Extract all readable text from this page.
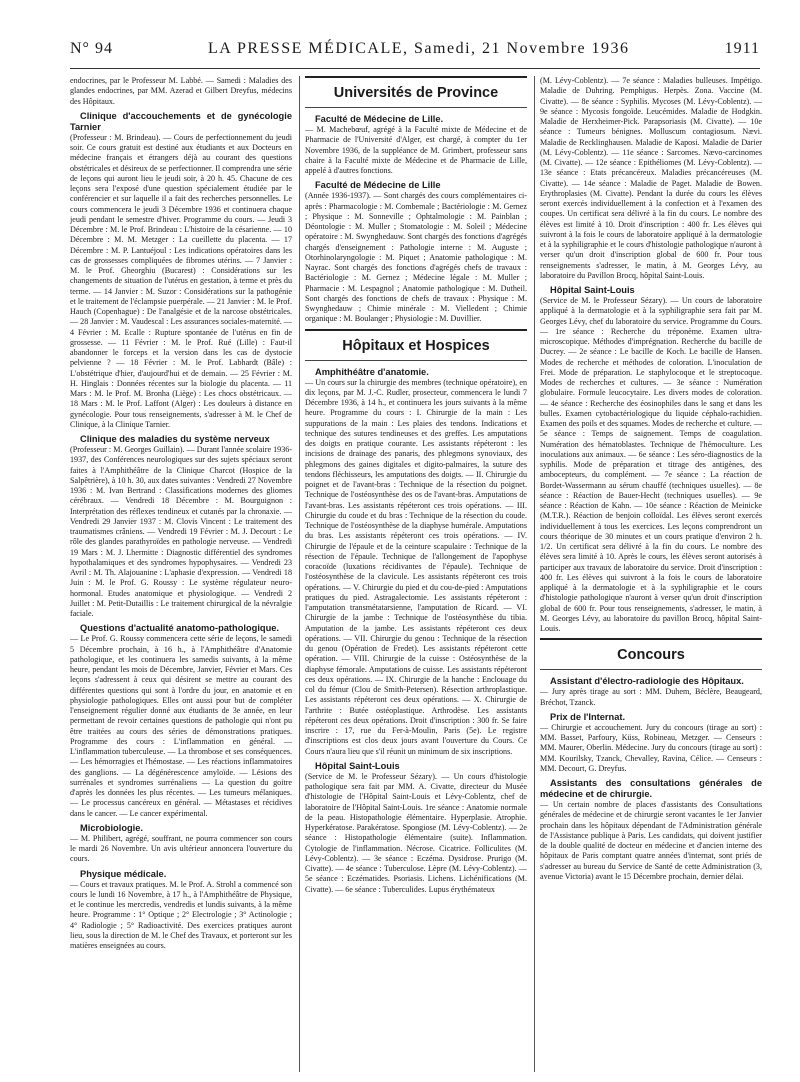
N° 94	LA PRESSE MÉDICALE, Samedi, 21 Novembre 1936	1911

endocrines, par le Professeur M. Labbé. — Samedi : Maladies des glandes endocrines, par MM. Azerad et Gilbert Dreyfus, médecins des Hôpitaux.

Clinique d'accouchements et de gynécologie Tarnier

(Professeur : M. Brindeau). — Cours de perfectionnement du jeudi soir. Ce cours gratuit est destiné aux étudiants et aux Docteurs en médecine français et étrangers déjà au courant des questions obstétricales et désireux de se perfectionner. Il comprendra une série de leçons qui auront lieu le jeudi soir, à 20 h. 45. Chacune de ces leçons sera l'exposé d'une question spécialement étudiée par le conférencier et sur laquelle il a fait des recherches personnelles. Le cours commencera le jeudi 3 Décembre 1936 et continuera chaque jeudi pendant le semestre d'hiver. Programme du cours. — Jeudi 3 Décembre : M. le Prof. Brindeau : L'histoire de la césarienne. — 10 Décembre : M. M. Metzger : La cueillette du placenta. — 17 Décembre : M. P. Lantuéjoul : Les indications opératoires dans les cas de grossesses compliquées de fibromes utérins. — 7 Janvier : M. le Prof. Gheorghiu (Bucarest) : Considérations sur les changements de situation de l'utérus en gestation, à terme et près du terme. — 14 Janvier : M. Suzor : Considérations sur la pathogénie et le traitement de l'éclampsie puerpérale. — 21 Janvier : M. le Prof. Hauch (Copenhague) : De l'analgésie et de la narcose obstétricales. — 28 Janvier : M. Vaudescal : Les assurances sociales-maternité. — 4 Février : M. Ecalle : Rupture spontanée de l'utérus en fin de grossesse. — 11 Février : M. le Prof. Rué (Lille) : Faut-il abandonner le forceps et la version dans les cas de dystocie pelvienne ? — 18 Février : M. le Prof. Labhardt (Bâle) : L'obstétrique d'hier, d'aujourd'hui et de demain. — 25 Février : M. H. Hinglais : Données récentes sur la biologie du placenta. — 11 Mars : M. le Prof. M. Bronha (Liège) : Les chocs obstétricaux. — 18 Mars : M. le Prof. Laffont (Alger) : Les douleurs à distance en gynécologie. Pour tous renseignements, s'adresser à M. le Chef de Clinique, à la Clinique Tarnier.

Clinique des maladies du système nerveux

(Professeur : M. Georges Guillain). — Durant l'année scolaire 1936-1937, des Conférences neurologiques sur des sujets spéciaux seront faites à l'Amphithéâtre de la Clinique Charcot (Hospice de la Salpêtrière), à 10 h. 30, aux dates suivantes : Vendredi 27 Novembre 1936 : M. Ivan Bertrand : Classifications modernes des gliomes cérébraux. — Vendredi 18 Décembre : M. Bourguignon : Interprétation des réflexes tendineux et cutanés par la chronaxie. — Vendredi 29 Janvier 1937 : M. Clovis Vincent : Le traitement des traumatismes crâniens. — Vendredi 19 Février : M. J. Decourt : Le rôle des glandes parathyroïdes en pathologie nerveuse. — Vendredi 19 Mars : M. J. Lhermitte : Diagnostic différentiel des syndromes hypothalamiques et des syndromes hypophysaires. — Vendredi 23 Avril : M. Th. Alajouanine : L'aphasie d'expression. — Vendredi 18 Juin : M. le Prof. G. Roussy : Le système régulateur neuro-hormonal. Etudes anatomique et physiologique. — Vendredi 2 Juillet : M. Petit-Dutaillis : Le traitement chirurgical de la névralgie faciale.

Questions d'actualité anatomo-pathologique.

— Le Prof. G. Roussy commencera cette série de leçons, le samedi 5 Décembre prochain, à 16 h., à l'Amphithéâtre d'Anatomie pathologique, et les continuera les samedis suivants, à la même heure, pendant les mois de Décembre, Janvier, Février et Mars. Ces leçons s'adressent à ceux qui désirent se mettre au courant des différentes questions qui sont à l'ordre du jour, en anatomie et en physiologie pathologiques. Elles ont aussi pour but de compléter l'enseignement régulier donné aux étudiants de 3e année, en leur permettant de revoir certaines questions de pathologie qui n'ont pu être traitées au cours des séries de démonstrations pratiques. Programme des cours : L'inflammation en général. — L'inflammation tuberculeuse. — La thrombose et ses conséquences. — Les hémorragies et l'hémostase. — Les réactions inflammatoires des ganglions. — La dégénérescence amyloïde. — Lésions des surrénales et syndromes surrénaliens — La question du goitre d'après les données les plus récentes. — Les tumeurs mélaniques. — Le processus cancéreux en général. — Métastases et récidives dans le cancer. — Le cancer expérimental.

Microbiologie.

— M. Philibert, agrégé, souffrant, ne pourra commencer son cours le mardi 26 Novembre. Un avis ultérieur annoncera l'ouverture du cours.

Physique médicale.

— Cours et travaux pratiques. M. le Prof. A. Strohl a commencé son cours le lundi 16 Novembre, à 17 h., à l'Amphithéâtre de Physique, et le continue les mercredis, vendredis et lundis suivants, à la même heure. Programme : 1° Optique ; 2° Electrologie ; 3° Actinologie ; 4° Radiologie ; 5° Radioactivité. Des exercices pratiques auront lieu, sous la direction de M. le Chef des Travaux, et porteront sur les matières enseignées au cours.

Universités de Province
Faculté de Médecine de Lille.

— M. Machebœuf, agrégé à la Faculté mixte de Médecine et de Pharmacie de l'Université d'Alger, est chargé, à compter du 1er Novembre 1936, de la suppléance de M. Grimbert, professeur sans chaire à la Faculté mixte de Médecine et de Pharmacie de Lille, appelé à d'autres fonctions.

Faculté de Médecine de Lille

(Année 1936-1937). — Sont chargés des cours complémentaires ci-après : Pharmacologie : M. Combemale ; Bactériologie : M. Gernez ; Physique : M. Sonneville ; Ophtalmologie : M. Painblan ; Déontologie : M. Muller ; Stomatologie : M. Soleil ; Médecine opératoire : M. Swynghedauw. Sont chargés des fonctions d'agrégés chargés d'enseignement : Pathologie interne : M. Auguste ; Otorhinolaryngologie : M. Piquet ; Anatomie pathologique : M. Nayrac. Sont chargés des fonctions d'agrégés chefs de travaux : Bactériologie : M. Gernez ; Médecine légale : M. Muller ; Pharmacie : M. Lespagnol ; Anatomie pathologique : M. Dutheil. Sont chargés des fonctions de chefs de travaux : Physique : M. Swynghedauw ; Chimie minérale : M. Vielledent ; Chimie organique : M. Boulanger ; Physiologie : M. Duvillier.

Hôpitaux et Hospices
Amphithéâtre d'anatomie.

— Un cours sur la chirurgie des membres (technique opératoire), en dix leçons, par M. J.-C. Rudler, prosecteur, commencera le lundi 7 Décembre 1936, à 14 h., et continuera les jours suivants à la même heure. Programme du cours : I. Chirurgie de la main : Les suppurations de la main : Les plaies des tendons. Indications et technique des sutures tendineuses et des greffes. Les amputations des doigts en pratique courante. Les assistants répéteront : les incisions de drainage des panaris, des phlegmons synoviaux, des phlegmons des gaines digitales et digito-palmaires, la suture des tendons fléchisseurs, les amputations des doigts. — II. Chirurgie du poignet et de l'avant-bras : Technique de la résection du poignet. Technique de l'ostéosynthèse des os de l'avant-bras. Amputations de l'avant-bras. Les assistants répéteront ces trois opérations. — III. Chirurgie du coude et du bras : Technique de la résection du coude. Technique de l'ostéosynthèse de la diaphyse humérale. Amputations du bras. Les assistants répéteront ces trois opérations. — IV. Chirurgie de l'épaule et de la ceinture scapulaire : Technique de la résection de l'épaule. Technique de l'allongement de l'apophyse coracoïde (luxations récidivantes de l'épaule). Technique de l'ostéosynthèse de la clavicule. Les assistants répéteront ces trois opérations. — V. Chirurgie du pied et du cou-de-pied : Amputations pratiques du pied. Astragalectomie. Les assistants répéteront : l'amputation transmétatarsienne, l'amputation de Ricard. — VI. Chirurgie de la jambe : Technique de l'ostéosynthèse du tibia. Amputation de la jambe. Les assistants répéteront ces deux opérations. — VII. Chirurgie du genou : Technique de la résection du genou (Opération de Fredet). Les assistants répéteront cette opération. — VIII. Chirurgie de la cuisse : Ostéosynthèse de la diaphyse fémorale. Amputations de cuisse. Les assistants répéteront ces deux opérations. — IX. Chirurgie de la hanche : Enclouage du col du fémur (Clou de Smith-Petersen). Résection arthroplastique. Les assistants répéteront ces deux opérations. — X. Chirurgie de l'arthrite : Butée ostéoplastique. Arthrodèse. Les assistants répéteront ces deux opérations. Droit d'inscription : 300 fr. Se faire inscrire : 17, rue du Fer-à-Moulin, Paris (5e). Le registre d'inscriptions est clos deux jours avant l'ouverture du Cours. Ce Cours n'aura lieu que s'il réunit un minimum de six inscriptions.

Hôpital Saint-Louis

(Service de M. le Professeur Sézary). — Un cours d'histologie pathologique sera fait par MM. A. Civatte, directeur du Musée d'histologie de l'Hôpital Saint-Louis et Lévy-Coblentz, chef de laboratoire de l'Hôpital Saint-Louis. 1re séance : Anatomie normale de la peau. Histopathologie élémentaire. Hyperplasie. Atrophie. Hyperkératose. Parakératose. Spongiose (M. Lévy-Coblentz). — 2e séance : Histopathologie élémentaire (suite). Inflammation. Cytologie de l'inflammation. Nécrose. Cicatrice. Folliculites (M. Lévy-Coblentz). — 3e séance : Eczéma. Dysidrose. Prurigo (M. Civatte). — 4e séance : Tuberculose. Lèpre (M. Lévy-Coblentz). — 5e séance : Eczématides. Psoriasis. Lichens. Lichénifications (M. Civatte). — 6e séance : Tuberculides. Lupus érythémateux

(M. Lévy-Coblentz). — 7e séance : Maladies bulleuses. Impétigo. Maladie de Duhring. Pemphigus. Herpès. Zona. Vaccine (M. Civatte). — 8e séance : Syphilis. Mycoses (M. Lévy-Coblentz). — 9e séance : Mycosis fongoïde. Leucémides. Maladie de Hodgkin. Maladie de Herxheimer-Pick. Parapsoriasis (M. Civatte). — 10e séance : Tumeurs bénignes. Molluscum contagiosum. Nævi. Maladie de Recklinghausen. Maladie de Kaposi. Maladie de Darier (M. Lévy-Coblentz). — 11e séance : Sarcomes. Nævo-carcinomes (M. Civatte). — 12e séance : Epithéliomes (M. Lévy-Coblentz). — 13e séance : Etats précancéreux. Maladies précancéreuses (M. Civatte). — 14e séance : Maladie de Paget. Maladie de Bowen. Erythroplasies (M. Civatte). Pendant la durée du cours les élèves seront exercés individuellement à la confection et à l'examen des coupes. Un certificat sera délivré à la fin du cours. Le nombre des élèves est limité à 10. Droit d'inscription : 400 fr. Les élèves qui suivront à la fois le cours de laboratoire appliqué à la dermatologie et à la syphiligraphie et le cours d'histologie pathologique n'auront à verser qu'un droit d'inscription global de 600 fr. Pour tous renseignements s'adresser, le matin, à M. Georges Lévy, au laboratoire du Pavillon Brocq, hôpital Saint-Louis.

Hôpital Saint-Louis

(Service de M. le Professeur Sézary). — Un cours de laboratoire appliqué à la dermatologie et à la syphiligraphie sera fait par M. Georges Lévy, chef du laboratoire du service. Programme du Cours. — 1re séance : Recherche du tréponème. Examen ultra-microscopique. Méthodes d'imprégnation. Recherche du bacille de Ducrey. — 2e séance : Le bacille de Koch. Le bacille de Hansen. Modes de recherche et méthodes de coloration. L'inoculation de Frei. Mode de préparation. Le staphylocoque et le streptocoque. Modes de recherches et cultures. — 3e séance : Numération globulaire. Formule leucocytaire. Les divers modes de coloration. — 4e séance : Recherche des éosinophiles dans le sang et dans les bulles. Examen cytobactériologique du liquide céphalo-rachidien. Examen des poils et des squames. Modes de recherche et culture. — 5e séance : Temps de saignement. Temps de coagulation. Numération des hématoblastes. Technique de l'hémoculture. Les inoculations aux animaux. — 6e séance : Les séro-diagnostics de la syphilis. Mode de préparation et titrage des antigènes, des ambocepteurs, du complément. — 7e séance : La réaction de Bordet-Wassermann au sérum chauffé (techniques usuelles). — 8e séance : Réaction de Bauer-Hecht (techniques usuelles). — 9e séance : Réaction de Kahn. — 10e séance : Réaction de Meinicke (M.T.R.). Réaction de benjoin colloïdal. Les élèves seront exercés individuellement à tous les exercices. Les leçons comprendront un cours théorique de 30 minutes et un cours pratique d'environ 2 h. 1/2. Un certificat sera délivré à la fin du cours. Le nombre des élèves sera limité à 10. Après le cours, les élèves seront autorisés à participer aux travaux de laboratoire du service. Droit d'inscription : 400 fr. Les élèves qui suivront à la fois le cours de laboratoire appliqué à la dermatologie et à la syphiligraphie et le cours d'histologie pathologique n'auront à verser qu'un droit d'inscription global de 600 fr. Pour tous renseignements, s'adresser, le matin, à M. Georges Lévy, au laboratoire du pavillon Brocq, hôpital Saint-Louis.

Concours
Assistant d'électro-radiologie des Hôpitaux.

— Jury après tirage au sort : MM. Duhem, Béclère, Beaugeard, Bréchot, Tzanck.

Prix de l'Internat.

— Chirurgie et accouchement. Jury du concours (tirage au sort) : MM. Basset, Parfoury, Küss, Robineau, Metzger. — Censeurs : MM. Maurer, Oberlin. Médecine. Jury du concours (tirage au sort) : MM. Kourilsky, Tzanck, Chevalley, Ravina, Célice. — Censeurs : MM. Decourt, G. Dreyfus.

Assistants des consultations générales de médecine et de chirurgie.

— Un certain nombre de places d'assistants des Consultations générales de médecine et de chirurgie seront vacantes le 1er Janvier prochain dans les hôpitaux dépendant de l'Administration générale de l'Assistance publique à Paris. Les candidats, qui doivent justifier de la double qualité de docteur en médecine et d'ancien interne des hôpitaux de Paris comptant quatre années d'internat, sont priés de s'adresser au bureau du Service de Santé de cette Administration (3, avenue Victoria) avant le 15 Décembre prochain, dernier délai.
